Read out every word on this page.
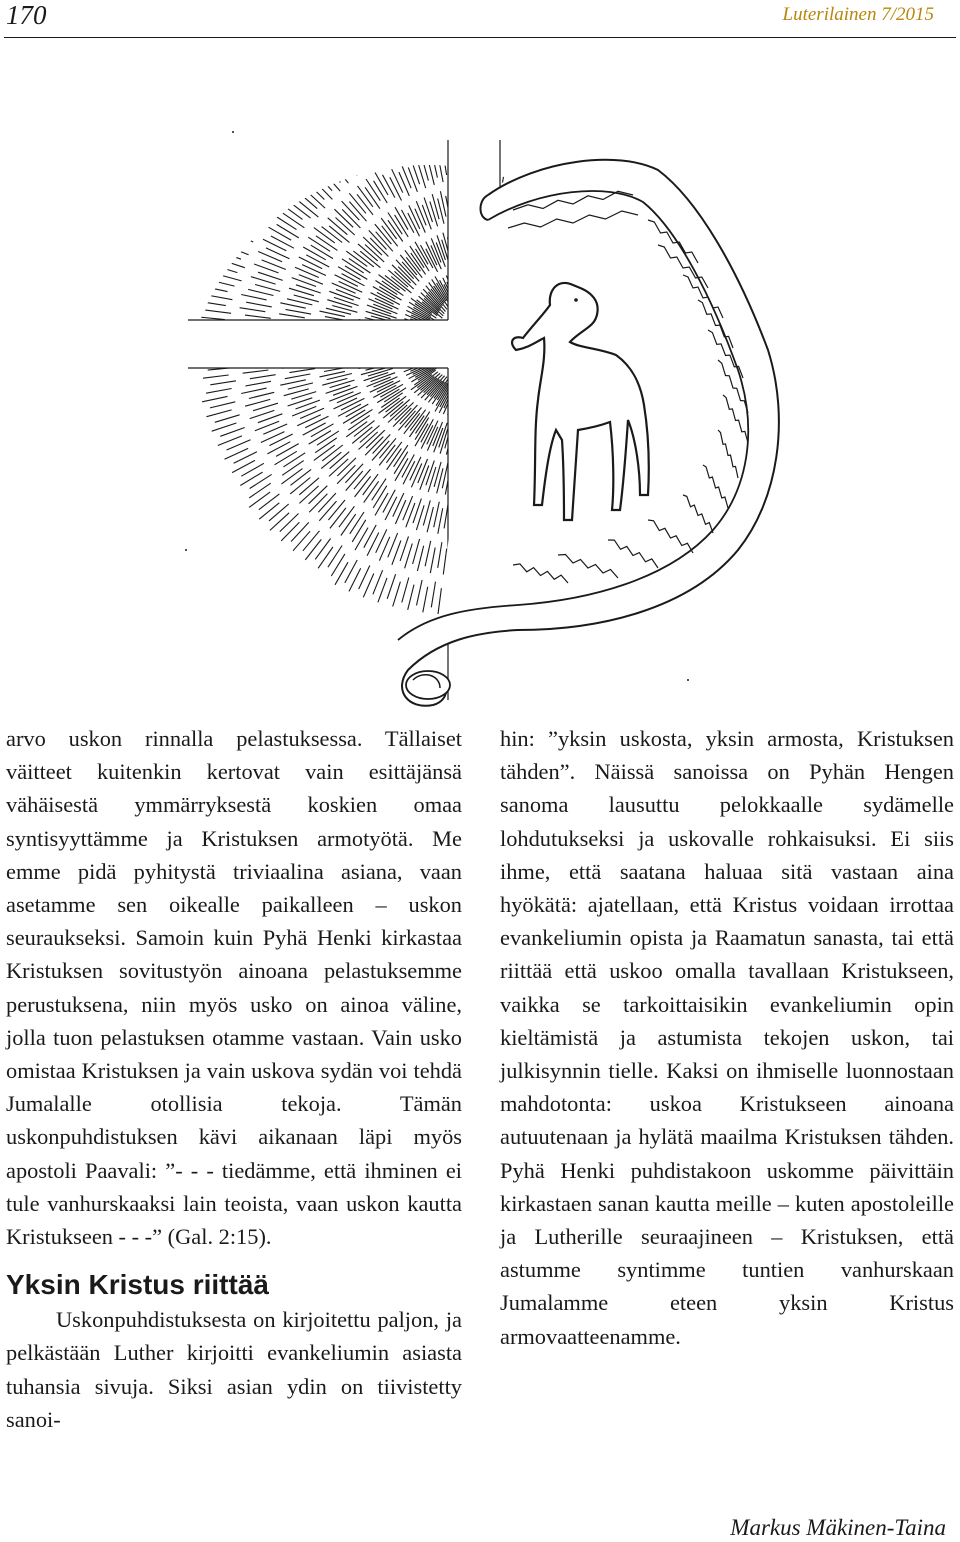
170	Luterilainen 7/2015

arvo uskon rinnalla pelastuksessa. Tällaiset väitteet kuitenkin kertovat vain esittäjänsä vähäisestä ymmärryksestä koskien omaa syntisyyttämme ja Kristuksen armotyötä. Me emme pidä pyhitystä triviaalina asiana, vaan asetamme sen oikealle paikalleen – uskon seuraukseksi. Samoin kuin Pyhä Henki kirkastaa Kristuksen sovitustyön ainoana pelastuksemme perustuksena, niin myös usko on ainoa väline, jolla tuon pelastuksen otamme vastaan. Vain usko omistaa Kristuksen ja vain uskova sydän voi tehdä Jumalalle otollisia tekoja. Tämän uskonpuhdistuksen kävi aikanaan läpi myös apostoli Paavali: ”- - - tiedämme, että ihminen ei tule vanhurskaaksi lain teoista, vaan uskon kautta Kristukseen - - -” (Gal. 2:15).

Yksin Kristus riittää

Uskonpuhdistuksesta on kirjoitettu paljon, ja pelkästään Luther kirjoitti evankeliumin asiasta tuhansia sivuja. Siksi asian ydin on tiivistetty sanoi-

hin: ”yksin uskosta, yksin armosta, Kristuksen tähden”. Näissä sanoissa on Pyhän Hengen sanoma lausuttu pelokkaalle sydämelle lohdutukseksi ja uskovalle rohkaisuksi. Ei siis ihme, että saatana haluaa sitä vastaan aina hyökätä: ajatellaan, että Kristus voidaan irrottaa evankeliumin opista ja Raamatun sanasta, tai että riittää että uskoo omalla tavallaan Kristukseen, vaikka se tarkoittaisikin evankeliumin opin kieltämistä ja astumista tekojen uskon, tai julkisynnin tielle. Kaksi on ihmiselle luonnostaan mahdotonta: uskoa Kristukseen ainoana autuutenaan ja hylätä maailma Kristuksen tähden. Pyhä Henki puhdistakoon uskomme päivittäin kirkastaen sanan kautta meille – kuten apostoleille ja Lutherille seuraajineen – Kristuksen, että astumme syntimme tuntien vanhurskaan Jumalamme eteen yksin Kristus armovaatteenamme.

Markus Mäkinen-Taina
